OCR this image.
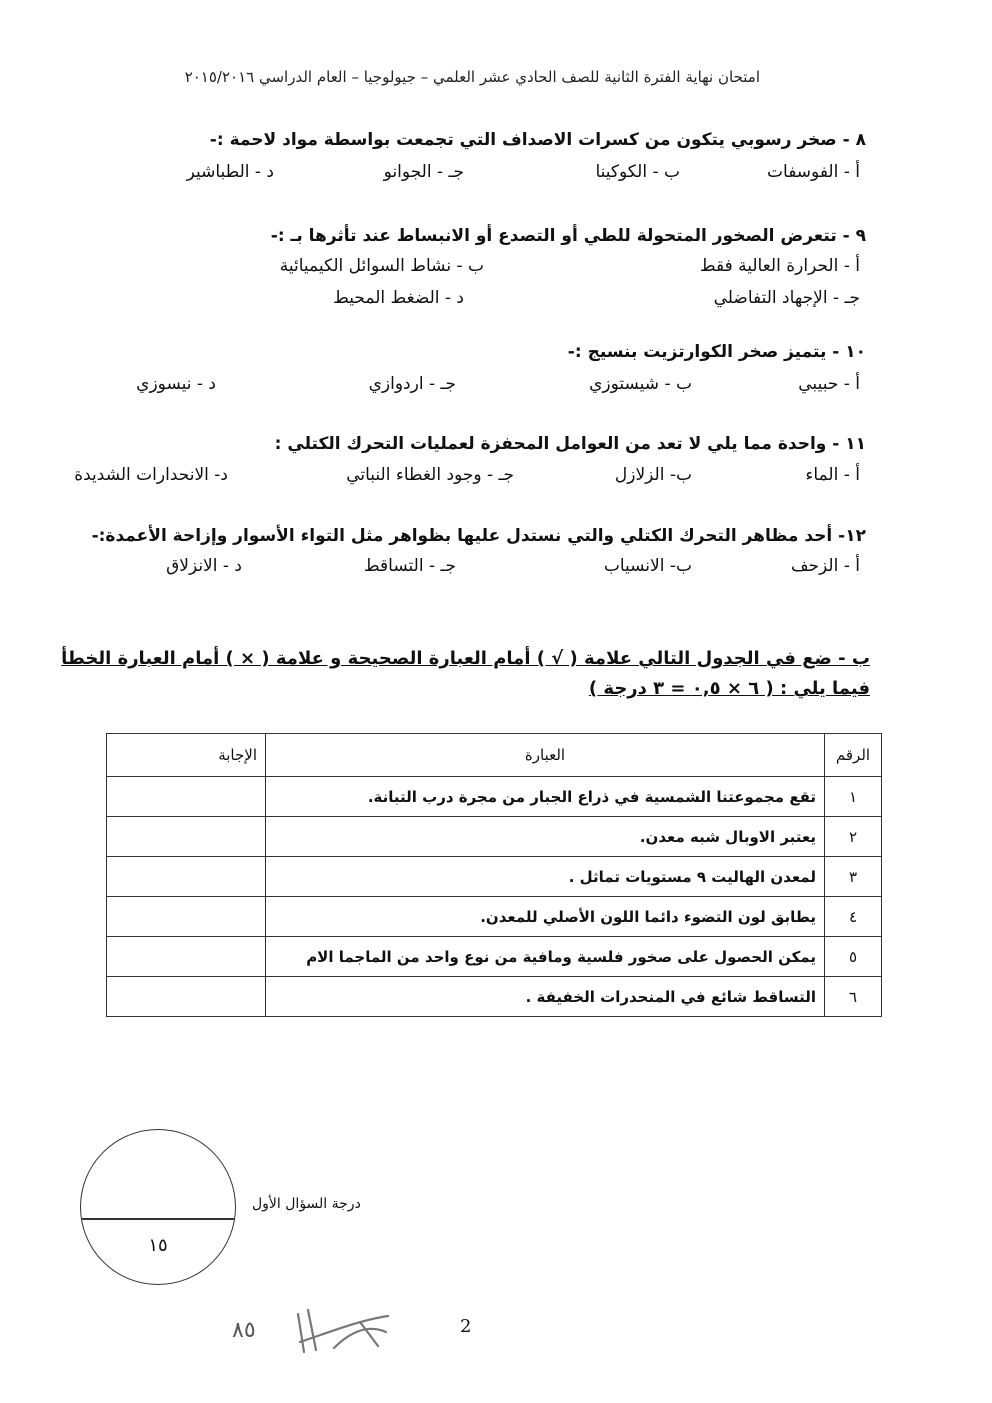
امتحان نهاية الفترة الثانية للصف الحادي عشر العلمي – جيولوجيا – العام الدراسي ٢٠١٥/٢٠١٦
٨ - صخر رسوبي يتكون من كسرات الاصداف التي تجمعت بواسطة مواد لاحمة :-
أ - الفوسفات
ب - الكوكينا
جـ - الجوانو
د - الطباشير
٩ - تتعرض الصخور المتحولة للطي أو التصدع أو الانبساط عند تأثرها بـ :-
أ - الحرارة العالية فقط
ب - نشاط السوائل الكيميائية
جـ - الإجهاد التفاضلي
د - الضغط المحيط
١٠ - يتميز صخر الكوارتزيت بنسيج :-
أ - حبيبي
ب - شيستوزي
جـ - اردوازي
د - نيسوزي
١١ - واحدة مما يلي لا تعد من العوامل المحفزة لعمليات التحرك الكتلي :
أ - الماء
ب- الزلازل
جـ - وجود الغطاء النباتي
د- الانحدارات الشديدة
١٢- أحد مظاهر التحرك الكتلي والتي نستدل عليها بظواهر مثل التواء الأسوار وإزاحة الأعمدة:-
أ - الزحف
ب- الانسياب
جـ - التساقط
د - الانزلاق
ب - ضع في الجدول التالي علامة ( √ ) أمام العبارة الصحيحة و علامة ( × ) أمام العبارة الخطأ
فيما يلي : ( ٦ × ٠,٥ = ٣ درجة )
الرقم	العبارة	الإجابة
١	تقع مجموعتنا الشمسية في ذراع الجبار من مجرة درب التبانة.	
٢	يعتبر الاوبال شبه معدن.	
٣	لمعدن الهاليت ٩ مستويات تماثل .	
٤	يطابق لون التضوء دائما اللون الأصلي للمعدن.	
٥	يمكن الحصول على صخور فلسية ومافية من نوع واحد من الماجما الام	
٦	التساقط شائع في المنحدرات الخفيفة .	
١٥
درجة السؤال الأول
2
٨٥
